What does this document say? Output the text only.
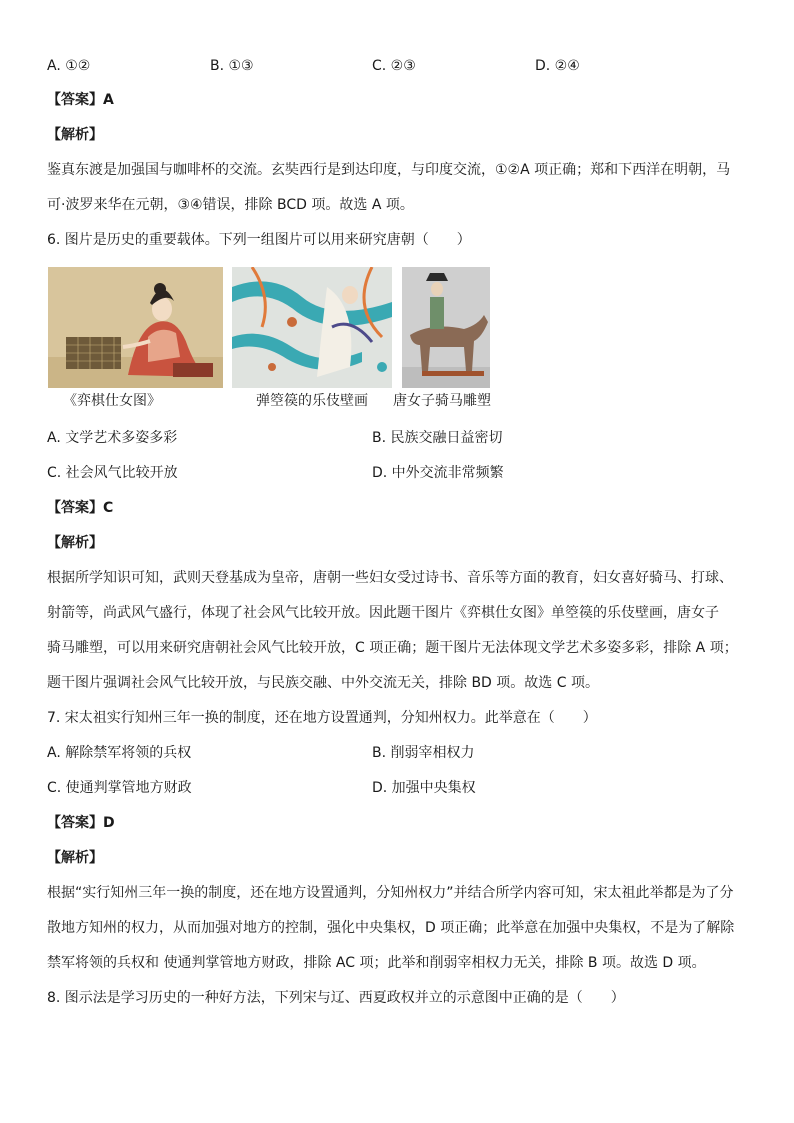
A. ①②	B. ①③	C. ②③	D. ②④
【答案】A
【解析】
鉴真东渡是加强国与咖啡杯的交流。玄奘西行是到达印度，与印度交流，①②A 项正确；郑和下西洋在明朝，马
可·波罗来华在元朝，③④错误，排除 BCD 项。故选 A 项。
6. 图片是历史的重要载体。下列一组图片可以用来研究唐朝（　　）
《弈棋仕女图》	弹箜篌的乐伎壁画 唐女子骑马雕塑
A. 文学艺术多姿多彩	B. 民族交融日益密切
C. 社会风气比较开放	D. 中外交流非常频繁
【答案】C
【解析】
根据所学知识可知，武则天登基成为皇帝，唐朝一些妇女受过诗书、音乐等方面的教育，妇女喜好骑马、打球、
射箭等，尚武风气盛行，体现了社会风气比较开放。因此题干图片《弈棋仕女图》单箜篌的乐伎壁画，唐女子
骑马雕塑，可以用来研究唐朝社会风气比较开放，C 项正确；题干图片无法体现文学艺术多姿多彩，排除 A 项；
题干图片强调社会风气比较开放，与民族交融、中外交流无关，排除 BD 项。故选 C 项。
7. 宋太祖实行知州三年一换的制度，还在地方设置通判，分知州权力。此举意在（　　）
A. 解除禁军将领的兵权	B. 削弱宰相权力
C. 使通判掌管地方财政	D. 加强中央集权
【答案】D
【解析】
根据“实行知州三年一换的制度，还在地方设置通判，分知州权力”并结合所学内容可知，宋太祖此举都是为了分
散地方知州的权力，从而加强对地方的控制，强化中央集权，D 项正确；此举意在加强中央集权，不是为了解除
禁军将领的兵权和 使通判掌管地方财政，排除 AC 项；此举和削弱宰相权力无关，排除 B 项。故选 D 项。
8. 图示法是学习历史的一种好方法，下列宋与辽、西夏政权并立的示意图中正确的是（　　）
